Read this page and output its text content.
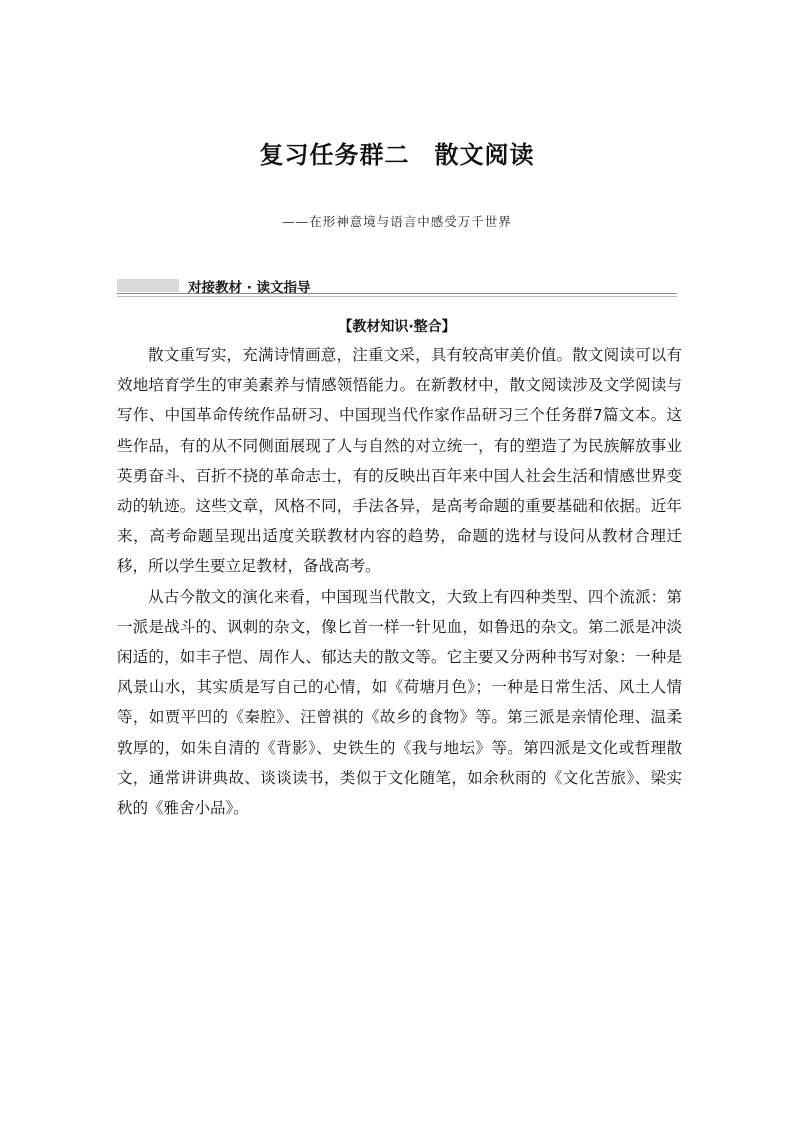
复习任务群二　散文阅读
——在形神意境与语言中感受万千世界
对接教材 · 读文指导
【教材知识·整合】

散文重写实，充满诗情画意，注重文采，具有较高审美价值。散文阅读可以有效地培育学生的审美素养与情感领悟能力。在新教材中，散文阅读涉及文学阅读与写作、中国革命传统作品研习、中国现当代作家作品研习三个任务群7篇文本。这些作品，有的从不同侧面展现了人与自然的对立统一，有的塑造了为民族解放事业英勇奋斗、百折不挠的革命志士，有的反映出百年来中国人社会生活和情感世界变动的轨迹。这些文章，风格不同，手法各异，是高考命题的重要基础和依据。近年来，高考命题呈现出适度关联教材内容的趋势，命题的选材与设问从教材合理迁移，所以学生要立足教材，备战高考。

从古今散文的演化来看，中国现当代散文，大致上有四种类型、四个流派：第一派是战斗的、讽刺的杂文，像匕首一样一针见血，如鲁迅的杂文。第二派是冲淡闲适的，如丰子恺、周作人、郁达夫的散文等。它主要又分两种书写对象：一种是风景山水，其实质是写自己的心情，如《荷塘月色》；一种是日常生活、风土人情等，如贾平凹的《秦腔》、汪曾祺的《故乡的食物》等。第三派是亲情伦理、温柔敦厚的，如朱自清的《背影》、史铁生的《我与地坛》等。第四派是文化或哲理散文，通常讲讲典故、谈谈读书，类似于文化随笔，如余秋雨的《文化苦旅》、梁实秋的《雅舍小品》。
